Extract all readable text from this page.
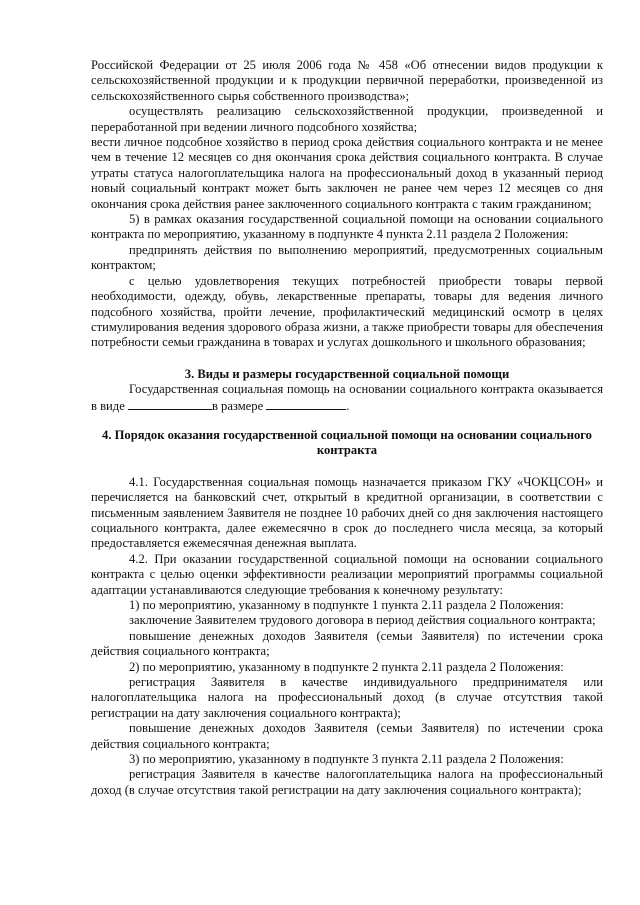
Российской Федерации от 25 июля 2006 года № 458 «Об отнесении видов продукции к сельскохозяйственной продукции и к продукции первичной переработки, произведенной из сельскохозяйственного сырья собственного производства»;

осуществлять реализацию сельскохозяйственной продукции, произведенной и переработанной при ведении личного подсобного хозяйства;

вести личное подсобное хозяйство в период срока действия социального контракта и не менее чем в течение 12 месяцев со дня окончания срока действия социального контракта. В случае утраты статуса налогоплательщика налога на профессиональный доход в указанный период новый социальный контракт может быть заключен не ранее чем через 12 месяцев со дня окончания срока действия ранее заключенного социального контракта с таким гражданином;

5) в рамках оказания государственной социальной помощи на основании социального контракта по мероприятию, указанному в подпункте 4 пункта 2.11 раздела 2 Положения:

предпринять действия по выполнению мероприятий, предусмотренных социальным контрактом;

с целью удовлетворения текущих потребностей приобрести товары первой необходимости, одежду, обувь, лекарственные препараты, товары для ведения личного подсобного хозяйства, пройти лечение, профилактический медицинский осмотр в целях стимулирования ведения здорового образа жизни, а также приобрести товары для обеспечения потребности семьи гражданина в товарах и услугах дошкольного и школьного образования;

3. Виды и размеры государственной социальной помощи

Государственная социальная помощь на основании социального контракта оказывается в виде	в размере	.

4. Порядок оказания государственной социальной помощи на основании социального контракта

4.1. Государственная социальная помощь назначается приказом ГКУ «ЧОКЦСОН» и перечисляется на банковский счет, открытый в кредитной организации, в соответствии с письменным заявлением Заявителя не позднее 10 рабочих дней со дня заключения настоящего социального контракта, далее ежемесячно в срок до последнего числа месяца, за который предоставляется ежемесячная денежная выплата.

4.2. При оказании государственной социальной помощи на основании социального контракта с целью оценки эффективности реализации мероприятий программы социальной адаптации устанавливаются следующие требования к конечному результату:

1) по мероприятию, указанному в подпункте 1 пункта 2.11 раздела 2 Положения:

заключение Заявителем трудового договора в период действия социального контракта;

повышение денежных доходов Заявителя (семьи Заявителя) по истечении срока действия социального контракта;

2) по мероприятию, указанному в подпункте 2 пункта 2.11 раздела 2 Положения:

регистрация Заявителя в качестве индивидуального предпринимателя или налогоплательщика налога на профессиональный доход (в случае отсутствия такой регистрации на дату заключения социального контракта);

повышение денежных доходов Заявителя (семьи Заявителя) по истечении срока действия социального контракта;

3) по мероприятию, указанному в подпункте 3 пункта 2.11 раздела 2 Положения:

регистрация Заявителя в качестве налогоплательщика налога на профессиональный доход (в случае отсутствия такой регистрации на дату заключения социального контракта);
